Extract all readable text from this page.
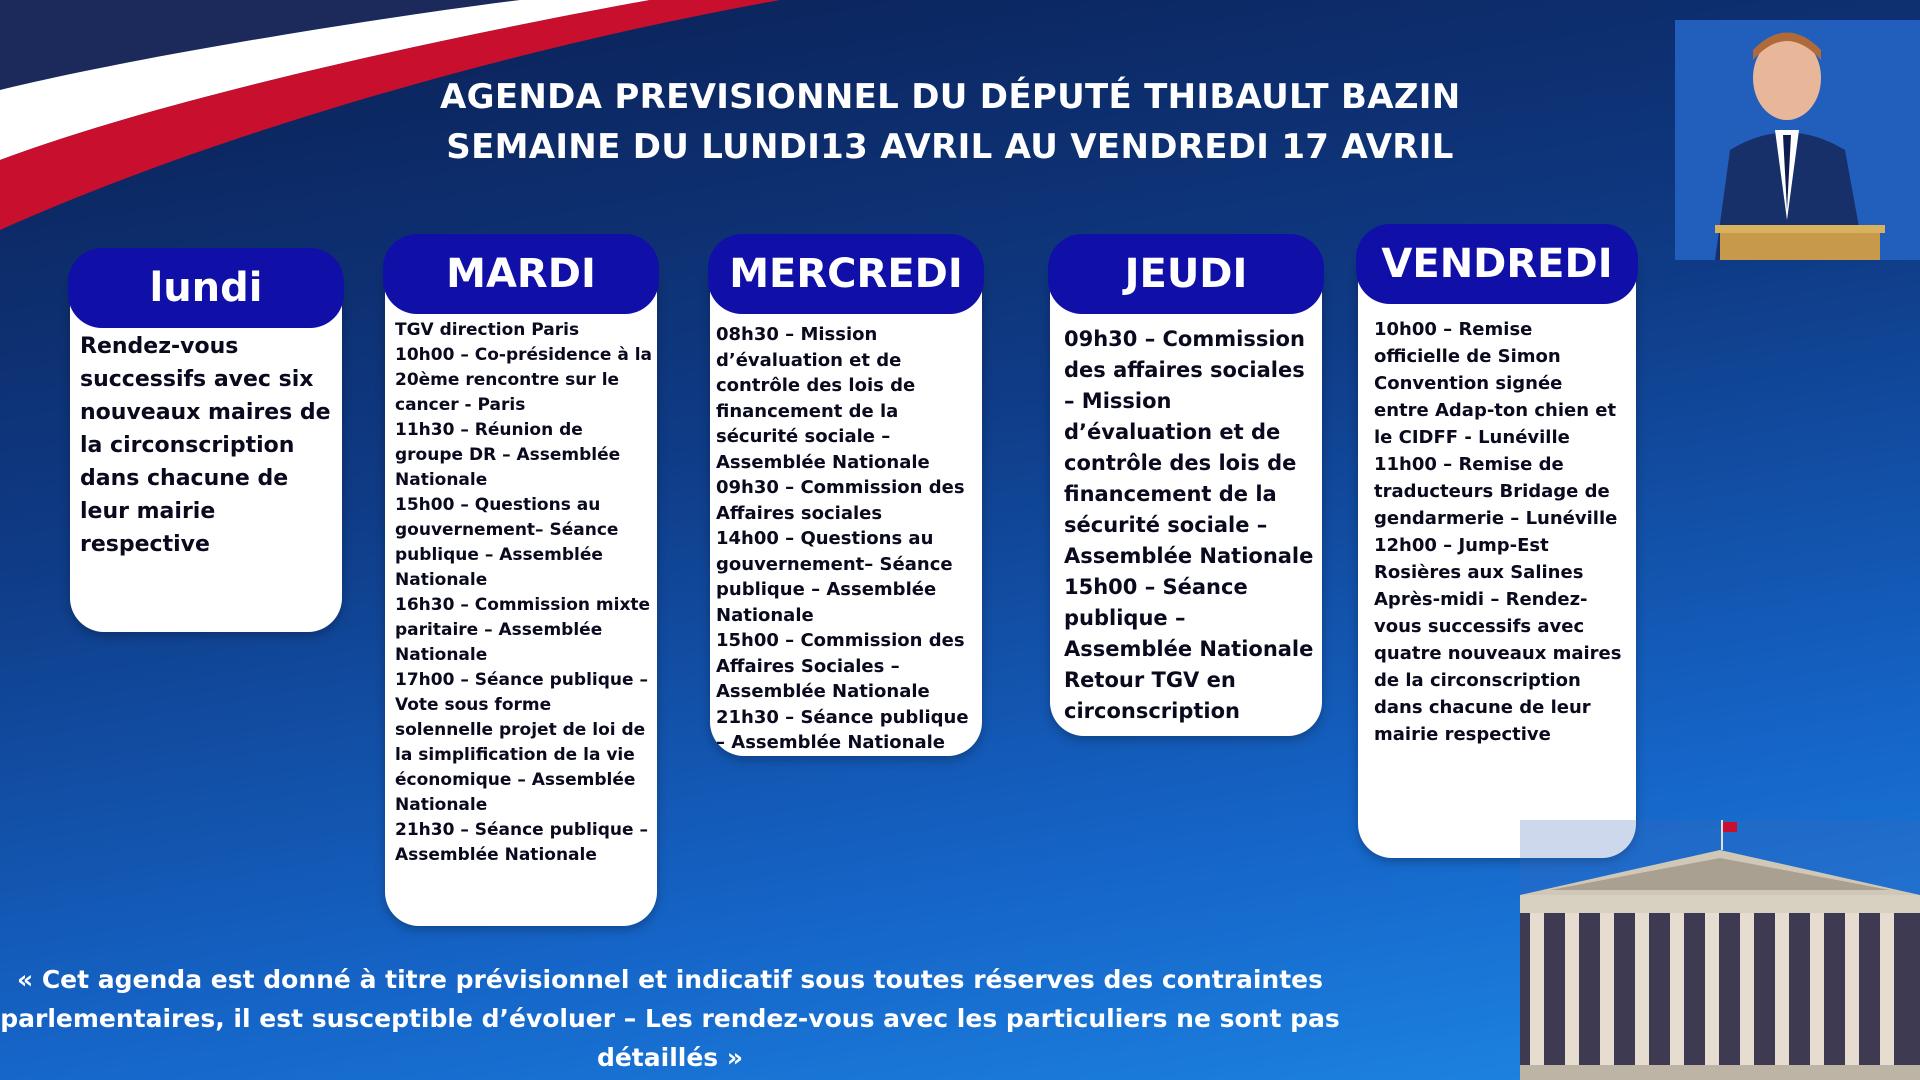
AGENDA PREVISIONNEL DU DÉPUTÉ THIBAULT BAZIN
SEMAINE DU LUNDI13 AVRIL AU VENDREDI 17 AVRIL
lundi
Rendez-vous successifs avec six nouveaux maires de la circonscription dans chacune de leur mairie respective
MARDI
TGV direction Paris
10h00 – Co-présidence à la 20ème rencontre sur le cancer - Paris
11h30 – Réunion de groupe DR – Assemblée Nationale
15h00 – Questions au gouvernement– Séance publique – Assemblée Nationale
16h30 – Commission mixte paritaire – Assemblée Nationale
17h00 – Séance publique – Vote sous forme solennelle projet de loi de la simplification de la vie économique – Assemblée Nationale
21h30 – Séance publique – Assemblée Nationale
MERCREDI
08h30 – Mission d’évaluation et de contrôle des lois de financement de la sécurité sociale – Assemblée Nationale
09h30 – Commission des Affaires sociales
14h00 – Questions au gouvernement– Séance publique – Assemblée Nationale
15h00 – Commission des Affaires Sociales – Assemblée Nationale
21h30 – Séance publique – Assemblée Nationale
JEUDI
09h30 – Commission des affaires sociales – Mission d’évaluation et de contrôle des lois de financement de la sécurité sociale – Assemblée Nationale
15h00 – Séance publique – Assemblée Nationale
Retour TGV en circonscription
VENDREDI
10h00 – Remise officielle de Simon Convention signée entre Adap-ton chien et le CIDFF - Lunéville
11h00 – Remise de traducteurs Bridage de gendarmerie – Lunéville
12h00 – Jump-Est Rosières aux Salines
Après-midi – Rendez-vous successifs avec quatre nouveaux maires de la circonscription dans chacune de leur mairie respective
« Cet agenda est donné à titre prévisionnel et indicatif sous toutes réserves des contraintes parlementaires, il est susceptible d’évoluer – Les rendez-vous avec les particuliers ne sont pas détaillés »
